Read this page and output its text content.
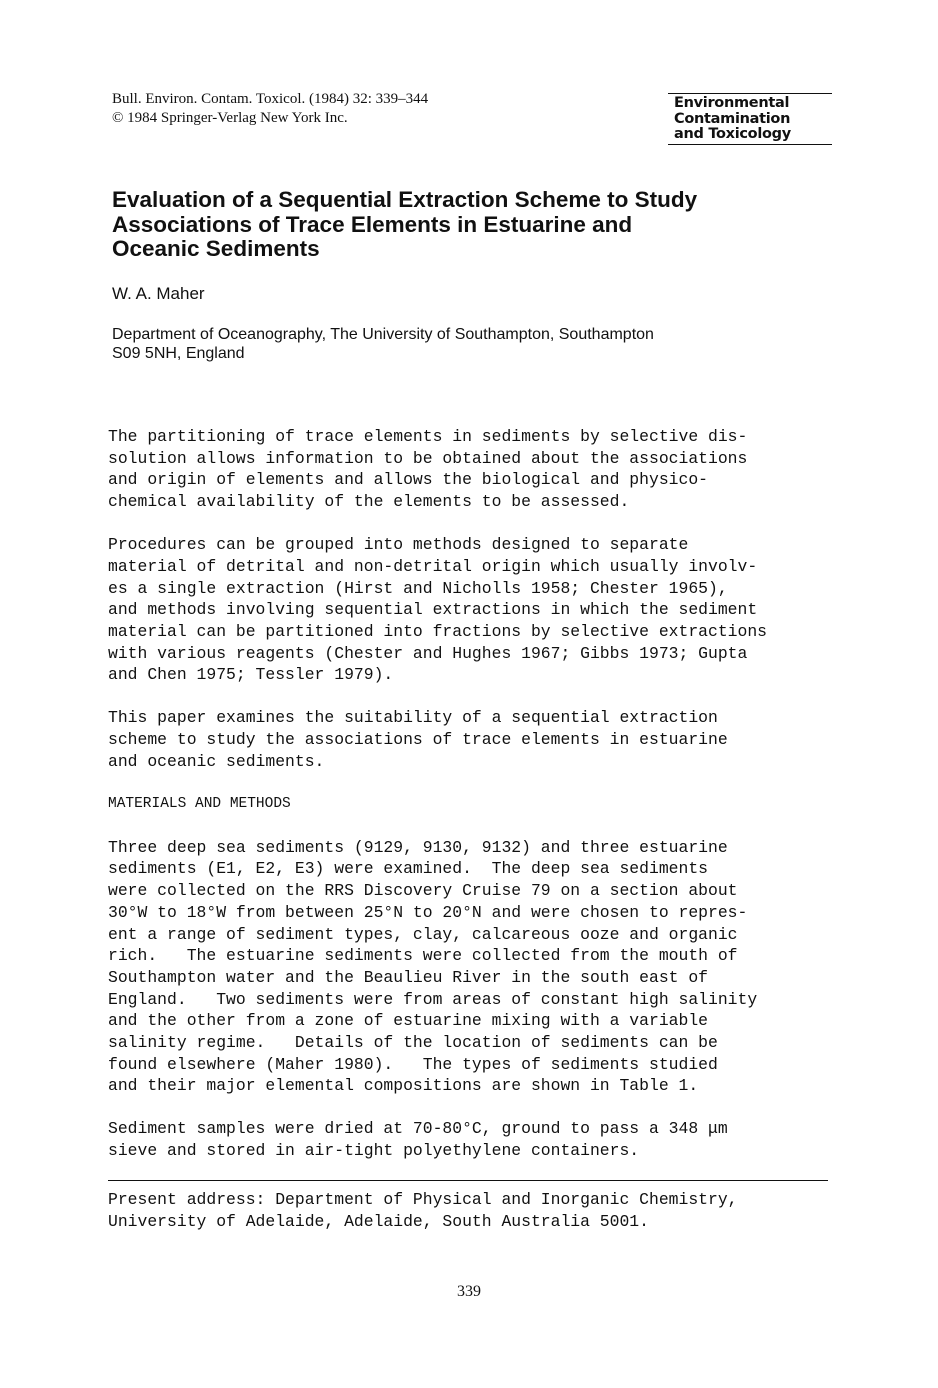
Bull. Environ. Contam. Toxicol. (1984) 32: 339–344
© 1984 Springer-Verlag New York Inc.
Environmental
Contamination
and Toxicology
Evaluation of a Sequential Extraction Scheme to Study
Associations of Trace Elements in Estuarine and
Oceanic Sediments
W. A. Maher
Department of Oceanography, The University of Southampton, Southampton
S09 5NH, England

The partitioning of trace elements in sediments by selective dis-
solution allows information to be obtained about the associations
and origin of elements and allows the biological and physico-
chemical availability of the elements to be assessed.

Procedures can be grouped into methods designed to separate
material of detrital and non-detrital origin which usually involv-
es a single extraction (Hirst and Nicholls 1958; Chester 1965),
and methods involving sequential extractions in which the sediment
material can be partitioned into fractions by selective extractions
with various reagents (Chester and Hughes 1967; Gibbs 1973; Gupta
and Chen 1975; Tessler 1979).

This paper examines the suitability of a sequential extraction
scheme to study the associations of trace elements in estuarine
and oceanic sediments.

MATERIALS AND METHODS

Three deep sea sediments (9129, 9130, 9132) and three estuarine
sediments (E1, E2, E3) were examined.  The deep sea sediments
were collected on the RRS Discovery Cruise 79 on a section about
30°W to 18°W from between 25°N to 20°N and were chosen to repres-
ent a range of sediment types, clay, calcareous ooze and organic
rich.   The estuarine sediments were collected from the mouth of
Southampton water and the Beaulieu River in the south east of
England.   Two sediments were from areas of constant high salinity
and the other from a zone of estuarine mixing with a variable
salinity regime.   Details of the location of sediments can be
found elsewhere (Maher 1980).   The types of sediments studied
and their major elemental compositions are shown in Table 1.

Sediment samples were dried at 70-80°C, ground to pass a 348 μm
sieve and stored in air-tight polyethylene containers.

Present address: Department of Physical and Inorganic Chemistry,
University of Adelaide, Adelaide, South Australia 5001.
339
